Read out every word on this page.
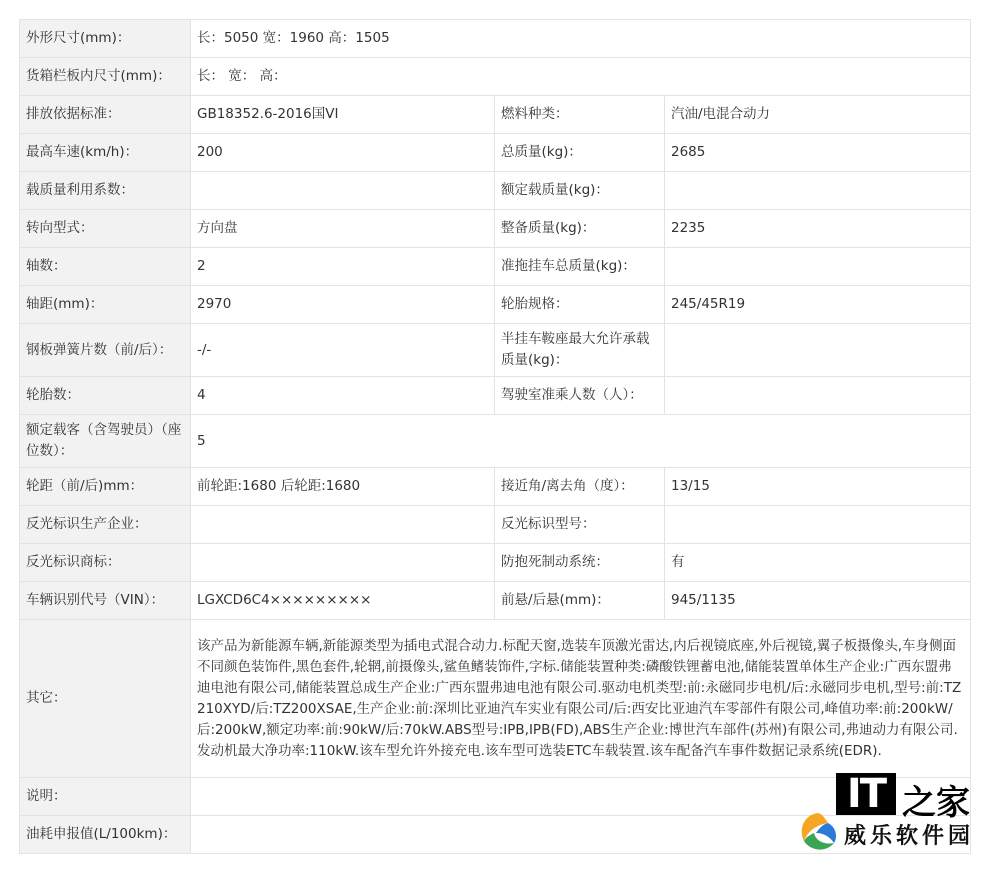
外形尺寸(mm)：	长：5050 宽：1960 高：1505		
货箱栏板内尺寸(mm)：	长： 宽： 高：		
排放依据标准：	GB18352.6-2016国VI	燃料种类：	汽油/电混合动力
最高车速(km/h)：	200	总质量(kg)：	2685
载质量利用系数：		额定载质量(kg)：	
转向型式：	方向盘	整备质量(kg)：	2235
轴数：	2	准拖挂车总质量(kg)：	
轴距(mm)：	2970	轮胎规格：	245/45R19
钢板弹簧片数（前/后）：	-/-	半挂车鞍座最大允许承载质量(kg)：	
轮胎数：	4	驾驶室准乘人数（人）：	
额定载客（含驾驶员）（座位数）：	5		
轮距（前/后)mm：	前轮距:1680 后轮距:1680	接近角/离去角（度）：	13/15
反光标识生产企业：		反光标识型号：	
反光标识商标：		防抱死制动系统：	有
车辆识别代号（VIN）：	LGXCD6C4×××××××××	前悬/后悬(mm)：	945/1135
其它：	该产品为新能源车辆,新能源类型为插电式混合动力.标配天窗,选装车顶激光雷达,内后视镜底座,外后视镜,翼子板摄像头,车身侧面不同颜色装饰件,黑色套件,轮辋,前摄像头,鲨鱼鳍装饰件,字标.储能装置种类:磷酸铁锂蓄电池,储能装置单体生产企业:广西东盟弗迪电池有限公司,储能装置总成生产企业:广西东盟弗迪电池有限公司.驱动电机类型:前:永磁同步电机/后:永磁同步电机,型号:前:TZ210XYD/后:TZ200XSAE,生产企业:前:深圳比亚迪汽车实业有限公司/后:西安比亚迪汽车零部件有限公司,峰值功率:前:200kW/后:200kW,额定功率:前:90kW/后:70kW.ABS型号:IPB,IPB(FD),ABS生产企业:博世汽车部件(苏州)有限公司,弗迪动力有限公司.发动机最大净功率:110kW.该车型允许外接充电.该车型可选装ETC车载装置.该车配备汽车事件数据记录系统(EDR).		
说明：			
油耗申报值(L/100km)：			
IT 之家
威乐软件园
